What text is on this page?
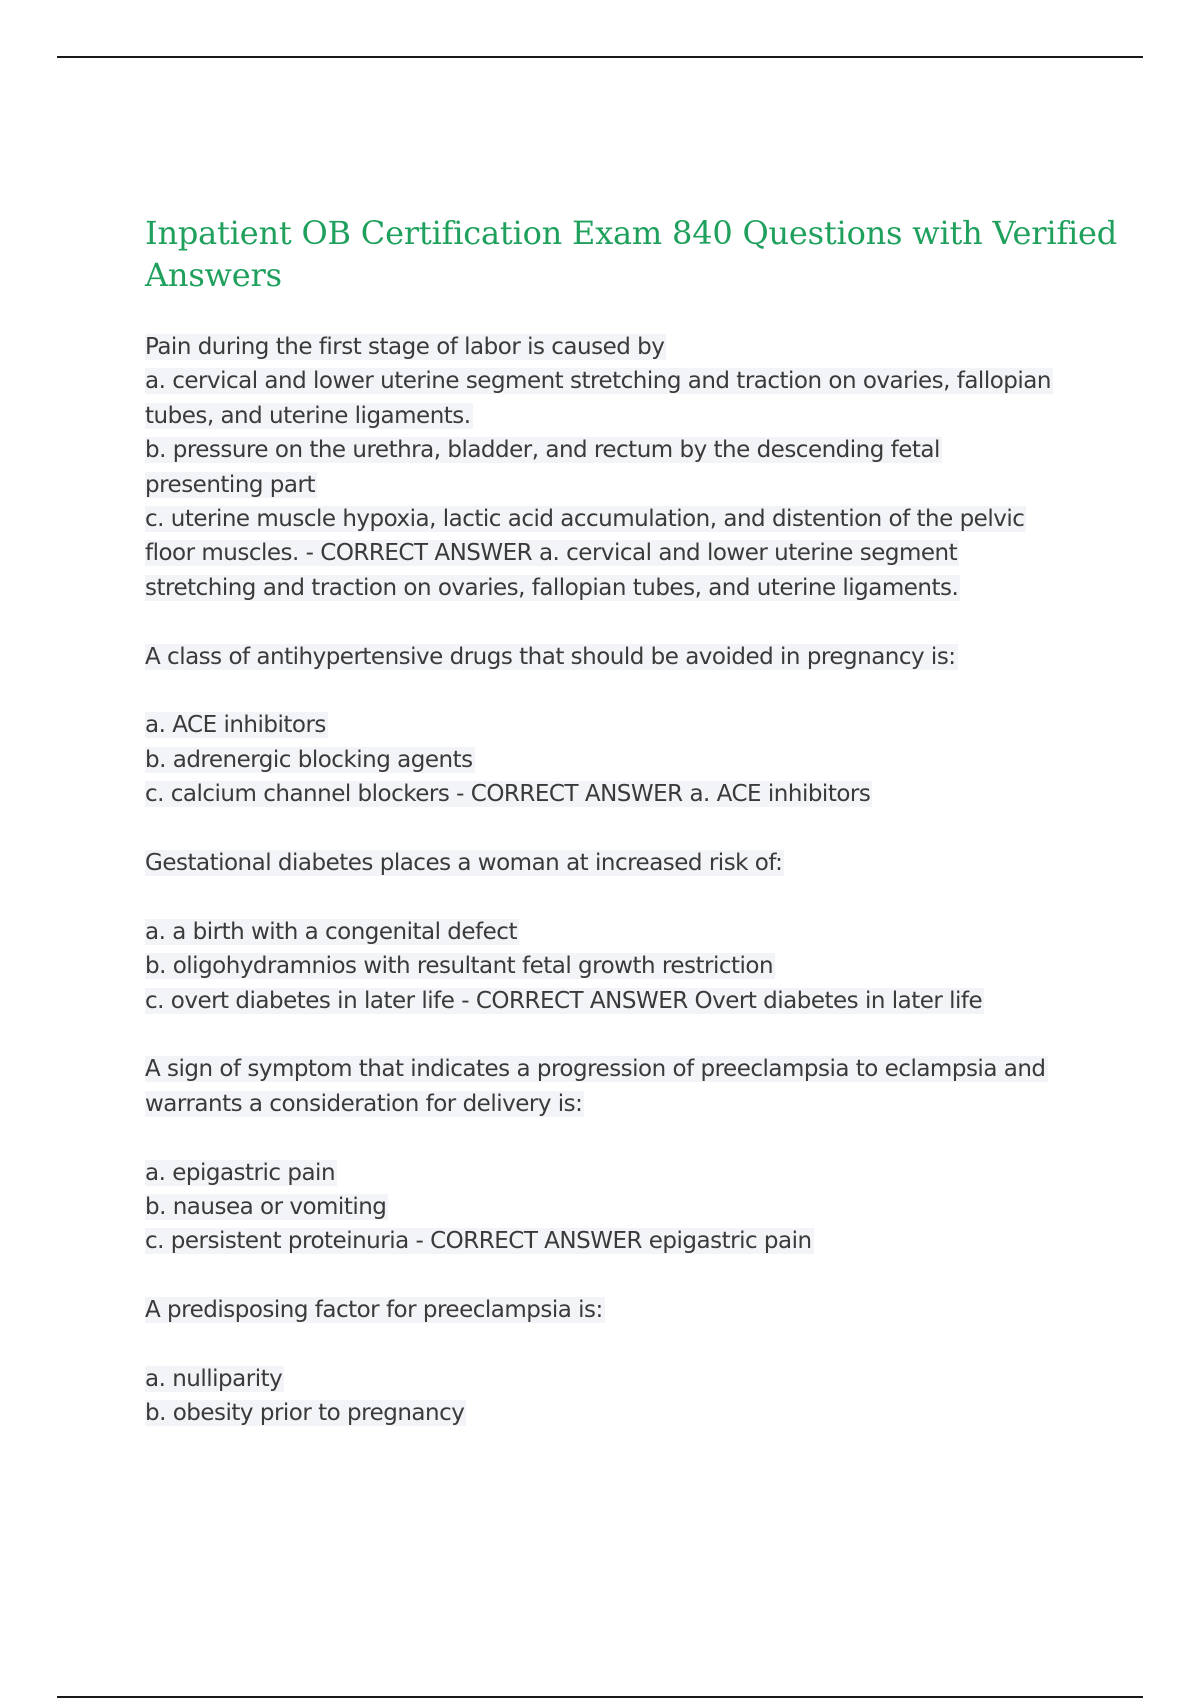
Inpatient OB Certification Exam 840 Questions with Verified
Answers
Pain during the first stage of labor is caused by
a. cervical and lower uterine segment stretching and traction on ovaries, fallopian
tubes, and uterine ligaments.
b. pressure on the urethra, bladder, and rectum by the descending fetal
presenting part
c. uterine muscle hypoxia, lactic acid accumulation, and distention of the pelvic
floor muscles. - CORRECT ANSWER a. cervical and lower uterine segment
stretching and traction on ovaries, fallopian tubes, and uterine ligaments.
A class of antihypertensive drugs that should be avoided in pregnancy is:
a. ACE inhibitors
b. adrenergic blocking agents
c. calcium channel blockers - CORRECT ANSWER a. ACE inhibitors
Gestational diabetes places a woman at increased risk of:
a. a birth with a congenital defect
b. oligohydramnios with resultant fetal growth restriction
c. overt diabetes in later life - CORRECT ANSWER Overt diabetes in later life
A sign of symptom that indicates a progression of preeclampsia to eclampsia and
warrants a consideration for delivery is:
a. epigastric pain
b. nausea or vomiting
c. persistent proteinuria - CORRECT ANSWER epigastric pain
A predisposing factor for preeclampsia is:
a. nulliparity
b. obesity prior to pregnancy
